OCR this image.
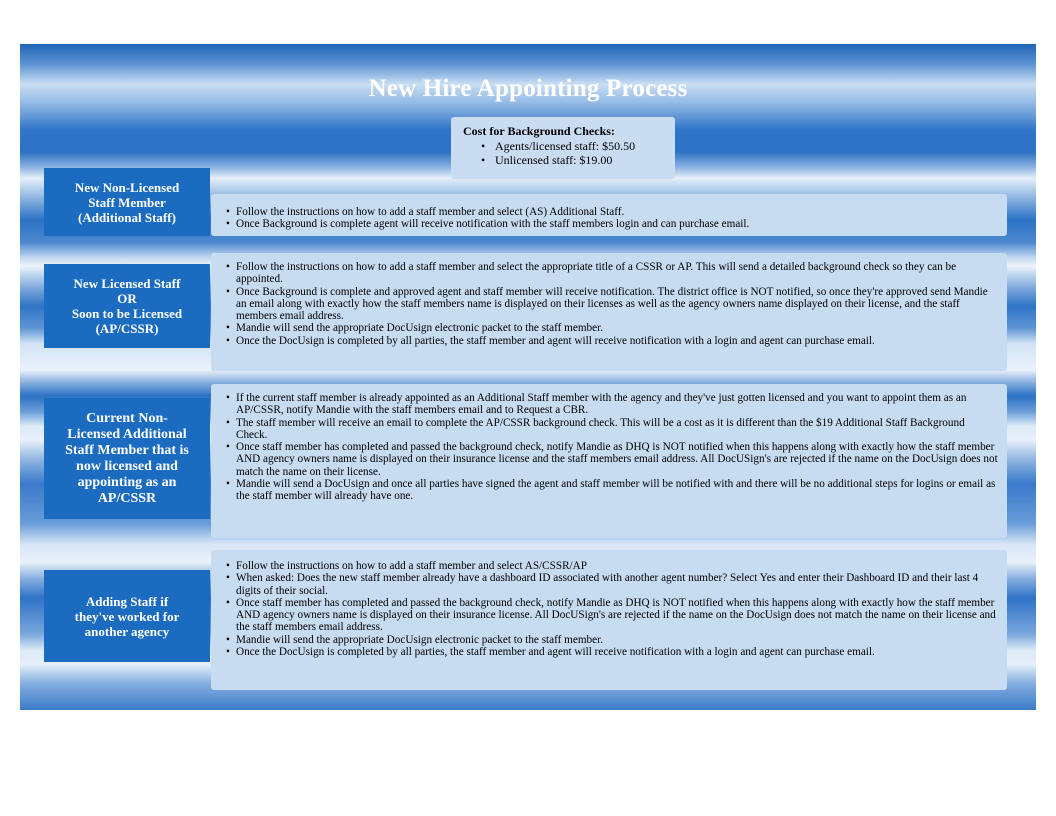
New Hire Appointing Process
Cost for Background Checks:
• Agents/licensed staff: $50.50
• Unlicensed staff: $19.00
New Non-Licensed
Staff Member
(Additional Staff)
•	Follow the instructions on how to add a staff member and select (AS) Additional Staff.
• Once Background is complete agent will receive notification with the staff members login and can purchase email.
New Licensed Staff
OR
Soon to be Licensed
(AP/CSSR)
• Follow the instructions on how to add a staff member and select the appropriate title of a CSSR or AP. This will send a detailed background check so they can be appointed.
• Once Background is complete and approved agent and staff member will receive notification. The district office is NOT notified, so once they're approved send Mandie an email along with exactly how the staff members name is displayed on their licenses as well as the agency owners name displayed on their license, and the staff members email address.
• Mandie will send the appropriate DocUsign electronic packet to the staff member.
• Once the DocUsign is completed by all parties, the staff member and agent will receive notification with a login and agent can purchase email.
Current Non-
Licensed Additional
Staff Member that is
now licensed and
appointing as an
AP/CSSR
• If the current staff member is already appointed as an Additional Staff member with the agency and they've just gotten licensed and you want to appoint them as an AP/CSSR, notify Mandie with the staff members email and to Request a CBR.
• The staff member will receive an email to complete the AP/CSSR background check. This will be a cost as it is different than the $19 Additional Staff Background Check.
• Once staff member has completed and passed the background check, notify Mandie as DHQ is NOT notified when this happens along with exactly how the staff member AND agency owners name is displayed on their insurance license and the staff members email address. All DocUSign's are rejected if the name on the DocUsign does not match the name on their license.
• Mandie will send a DocUsign and once all parties have signed the agent and staff member will be notified with and there will be no additional steps for logins or email as the staff member will already have one.
Adding Staff if
they've worked for
another agency
• Follow the instructions on how to add a staff member and select AS/CSSR/AP
• When asked: Does the new staff member already have a dashboard ID associated with another agent number? Select Yes and enter their Dashboard ID and their last 4 digits of their social.
• Once staff member has completed and passed the background check, notify Mandie as DHQ is NOT notified when this happens along with exactly how the staff member AND agency owners name is displayed on their insurance license. All DocUSign's are rejected if the name on the DocUsign does not match the name on their license and the staff members email address.
• Mandie will send the appropriate DocUsign electronic packet to the staff member.
• Once the DocUsign is completed by all parties, the staff member and agent will receive notification with a login and agent can purchase email.
